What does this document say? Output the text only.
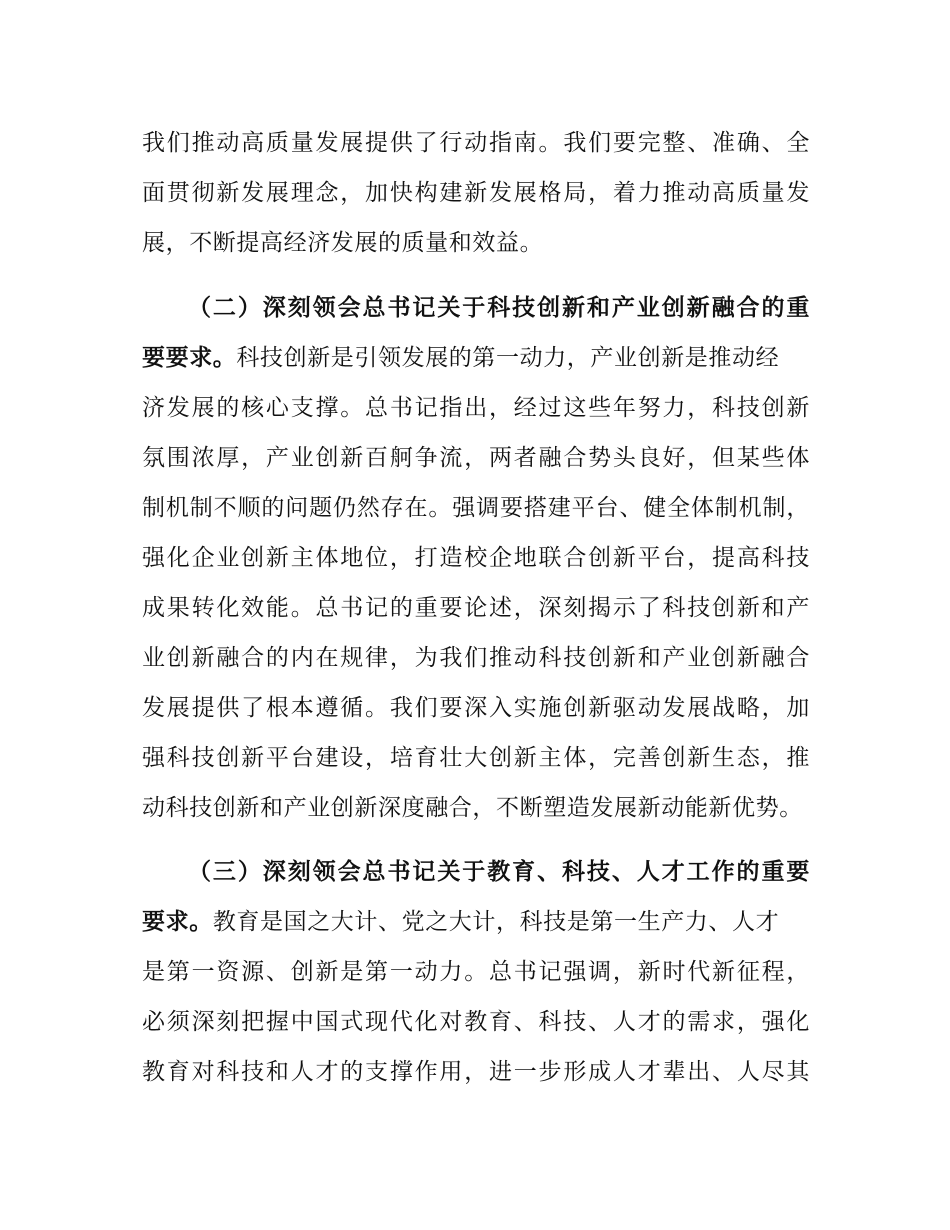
我们推动高质量发展提供了行动指南。我们要完整、准确、全
面贯彻新发展理念，加快构建新发展格局，着力推动高质量发
展，不断提高经济发展的质量和效益。
（二）深刻领会总书记关于科技创新和产业创新融合的重
要要求。科技创新是引领发展的第一动力，产业创新是推动经
济发展的核心支撑。总书记指出，经过这些年努力，科技创新
氛围浓厚，产业创新百舸争流，两者融合势头良好，但某些体
制机制不顺的问题仍然存在。强调要搭建平台、健全体制机制，
强化企业创新主体地位，打造校企地联合创新平台，提高科技
成果转化效能。总书记的重要论述，深刻揭示了科技创新和产
业创新融合的内在规律，为我们推动科技创新和产业创新融合
发展提供了根本遵循。我们要深入实施创新驱动发展战略，加
强科技创新平台建设，培育壮大创新主体，完善创新生态，推
动科技创新和产业创新深度融合，不断塑造发展新动能新优势。
（三）深刻领会总书记关于教育、科技、人才工作的重要
要求。教育是国之大计、党之大计，科技是第一生产力、人才
是第一资源、创新是第一动力。总书记强调，新时代新征程，
必须深刻把握中国式现代化对教育、科技、人才的需求，强化
教育对科技和人才的支撑作用，进一步形成人才辈出、人尽其
